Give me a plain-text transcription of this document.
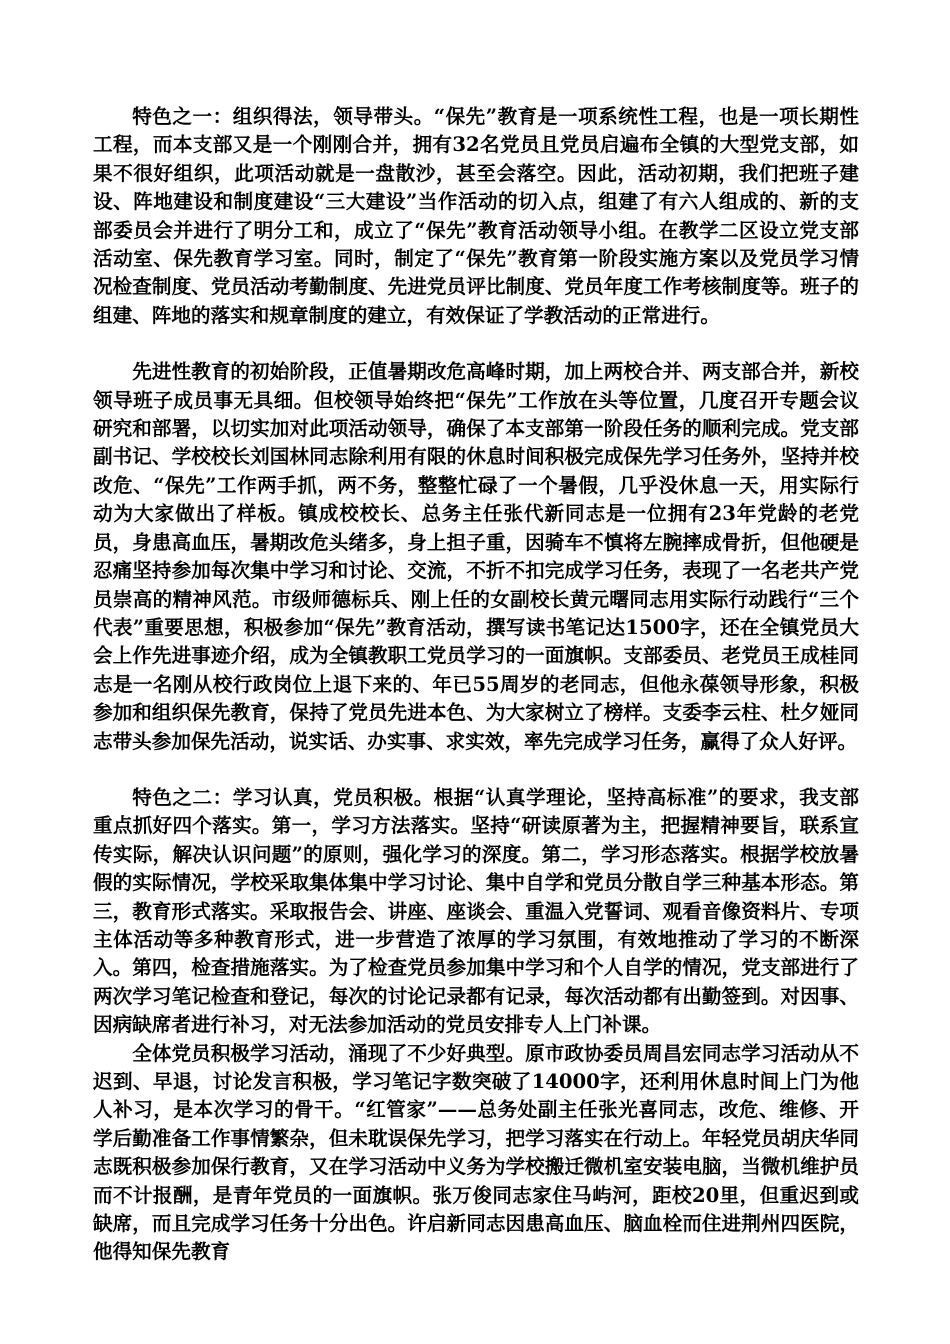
特色之一：组织得法，领导带头。“保先”教育是一项系统性工程，也是一项长期性工程，而本支部又是一个刚刚合并，拥有32名党员且党员启遍布全镇的大型党支部，如果不很好组织，此项活动就是一盘散沙，甚至会落空。因此，活动初期，我们把班子建设、阵地建设和制度建设“三大建设”当作活动的切入点，组建了有六人组成的、新的支部委员会并进行了明分工和，成立了“保先”教育活动领导小组。在教学二区设立党支部活动室、保先教育学习室。同时，制定了“保先”教育第一阶段实施方案以及党员学习情况检查制度、党员活动考勤制度、先进党员评比制度、党员年度工作考核制度等。班子的组建、阵地的落实和规章制度的建立，有效保证了学教活动的正常进行。

先进性教育的初始阶段，正值暑期改危高峰时期，加上两校合并、两支部合并，新校领导班子成员事无具细。但校领导始终把“保先”工作放在头等位置，几度召开专题会议研究和部署，以切实加对此项活动领导，确保了本支部第一阶段任务的顺利完成。党支部副书记、学校校长刘国林同志除利用有限的休息时间积极完成保先学习任务外，坚持并校改危、“保先”工作两手抓，两不务，整整忙碌了一个暑假，几乎没休息一天，用实际行动为大家做出了样板。镇成校校长、总务主任张代新同志是一位拥有23年党龄的老党员，身患高血压，暑期改危头绪多，身上担子重，因骑车不慎将左腕摔成骨折，但他硬是忍痛坚持参加每次集中学习和讨论、交流，不折不扣完成学习任务，表现了一名老共产党员崇高的精神风范。市级师德标兵、刚上任的女副校长黄元曙同志用实际行动践行“三个代表”重要思想，积极参加“保先”教育活动，撰写读书笔记达1500字，还在全镇党员大会上作先进事迹介绍，成为全镇教职工党员学习的一面旗帜。支部委员、老党员王成桂同志是一名刚从校行政岗位上退下来的、年已55周岁的老同志，但他永葆领导形象，积极参加和组织保先教育，保持了党员先进本色、为大家树立了榜样。支委李云柱、杜夕娅同志带头参加保先活动，说实话、办实事、求实效，率先完成学习任务，赢得了众人好评。

特色之二：学习认真，党员积极。根据“认真学理论，坚持高标准”的要求，我支部重点抓好四个落实。第一，学习方法落实。坚持“研读原著为主，把握精神要旨，联系宣传实际，解决认识问题”的原则，强化学习的深度。第二，学习形态落实。根据学校放暑假的实际情况，学校采取集体集中学习讨论、集中自学和党员分散自学三种基本形态。第三，教育形式落实。采取报告会、讲座、座谈会、重温入党誓词、观看音像资料片、专项主体活动等多种教育形式，进一步营造了浓厚的学习氛围，有效地推动了学习的不断深入。第四，检查措施落实。为了检查党员参加集中学习和个人自学的情况，党支部进行了两次学习笔记检查和登记，每次的讨论记录都有记录，每次活动都有出勤签到。对因事、因病缺席者进行补习，对无法参加活动的党员安排专人上门补课。

全体党员积极学习活动，涌现了不少好典型。原市政协委员周昌宏同志学习活动从不迟到、早退，讨论发言积极，学习笔记字数突破了14000字，还利用休息时间上门为他人补习，是本次学习的骨干。“红管家”——总务处副主任张光喜同志，改危、维修、开学后勤准备工作事情繁杂，但未耽误保先学习，把学习落实在行动上。年轻党员胡庆华同志既积极参加保行教育，又在学习活动中义务为学校搬迁微机室安装电脑，当微机维护员而不计报酬，是青年党员的一面旗帜。张万俊同志家住马屿河，距校20里，但重迟到或缺席，而且完成学习任务十分出色。许启新同志因患高血压、脑血栓而住进荆州四医院，他得知保先教育
